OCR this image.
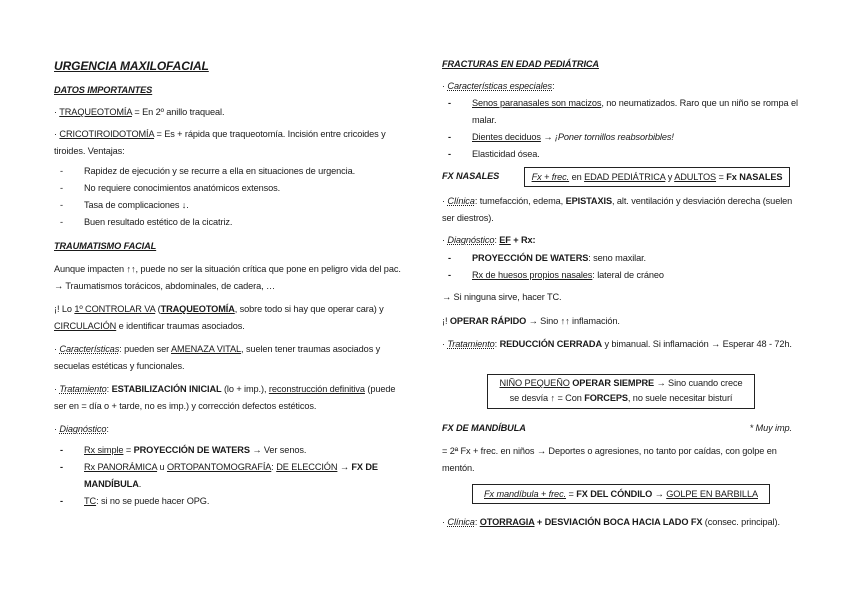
URGENCIA MAXILOFACIAL
DATOS IMPORTANTES
· TRAQUEOTOMÍA = En 2º anillo traqueal.
· CRICOTIROIDOTOMÍA = Es + rápida que traqueotomía. Incisión entre cricoides y tiroides. Ventajas:
- Rapidez de ejecución y se recurre a ella en situaciones de urgencia.
- No requiere conocimientos anatómicos extensos.
- Tasa de complicaciones ↓.
- Buen resultado estético de la cicatriz.
TRAUMATISMO FACIAL
Aunque impacten ↑↑, puede no ser la situación crítica que pone en peligro vida del pac. → Traumatismos torácicos, abdominales, de cadera, …
¡! Lo 1º CONTROLAR VA (TRAQUEOTOMÍA, sobre todo si hay que operar cara) y CIRCULACIÓN e identificar traumas asociados.
· Características: pueden ser AMENAZA VITAL, suelen tener traumas asociados y secuelas estéticas y funcionales.
· Tratamiento: ESTABILIZACIÓN INICIAL (lo + imp.), reconstrucción definitiva (puede ser en = día o + tarde, no es imp.) y corrección defectos estéticos.
· Diagnóstico:
- Rx simple = PROYECCIÓN DE WATERS → Ver senos.
- Rx PANORÁMICA u ORTOPANTOMOGRAFÍA: DE ELECCIÓN → FX DE MANDÍBULA.
- TC: si no se puede hacer OPG.
FRACTURAS EN EDAD PEDIÁTRICA
· Características especiales:
- Senos paranasales son macizos, no neumatizados. Raro que un niño se rompa el malar.
- Dientes deciduos → ¡Poner tornillos reabsorbibles!
- Elasticidad ósea.
FX NASALES	Fx + frec. en EDAD PEDIÁTRICA y ADULTOS = Fx NASALES
· Clínica: tumefacción, edema, EPISTAXIS, alt. ventilación y desviación derecha (suelen ser diestros).
· Diagnóstico: EF + Rx:
- PROYECCIÓN DE WATERS: seno maxilar.
- Rx de huesos propios nasales: lateral de cráneo
→ Si ninguna sirve, hacer TC.
¡! OPERAR RÁPIDO → Sino ↑↑ inflamación.
· Tratamiento: REDUCCIÓN CERRADA y bimanual. Si inflamación → Esperar 48 - 72h.
NIÑO PEQUEÑO OPERAR SIEMPRE → Sino cuando crece
se desvía ↑ = Con FORCEPS, no suele necesitar bisturí
FX DE MANDÍBULA	* Muy imp.
= 2ª Fx + frec. en niños → Deportes o agresiones, no tanto por caídas, con golpe en mentón.
Fx mandíbula + frec. = FX DEL CÓNDILO → GOLPE EN BARBILLA
· Clínica: OTORRAGIA + DESVIACIÓN BOCA HACIA LADO FX (consec. principal).
